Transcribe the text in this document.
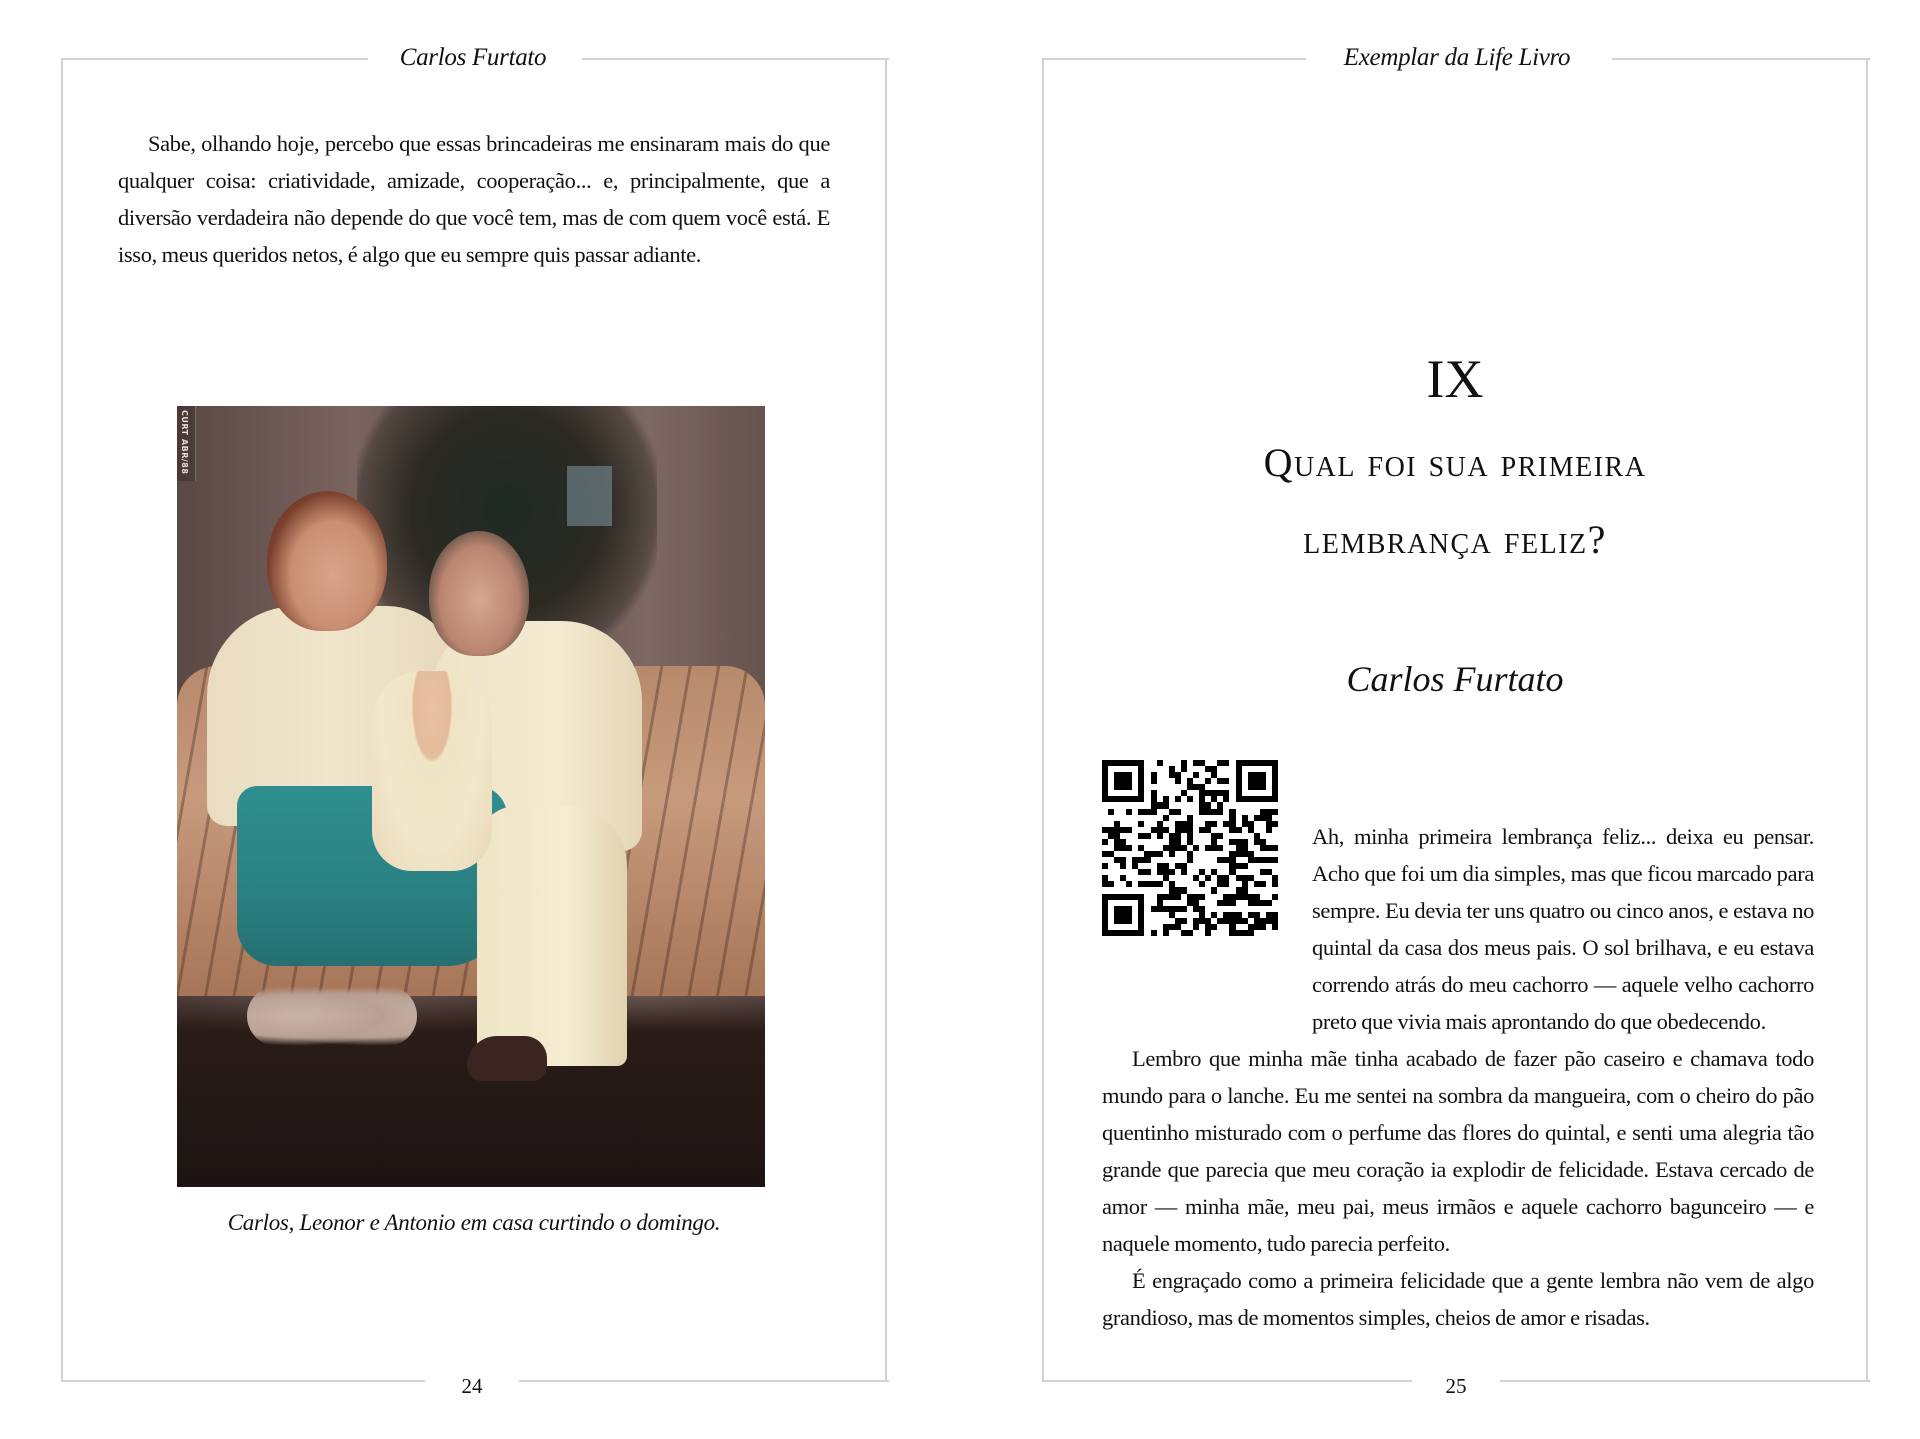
Carlos Furtato

Sabe, olhando hoje, percebo que essas brincadeiras me ensinaram mais do que qualquer coisa: criatividade, amizade, cooperação... e, principalmente, que a diversão verdadeira não depende do que você tem, mas de com quem você está. E isso, meus queridos netos, é algo que eu sempre quis passar adiante.

CURT ABR/88
Carlos, Leonor e Antonio em casa curtindo o domingo.
24
Exemplar da Life Livro
IX
Qual foi sua primeira
lembrança feliz?
Carlos Furtato

Ah, minha primeira lembrança feliz... deixa eu pensar. Acho que foi um dia simples, mas que ficou marcado para sempre. Eu devia ter uns quatro ou cinco anos, e estava no quintal da casa dos meus pais. O sol brilhava, e eu estava correndo atrás do meu cachorro — aquele velho cachorro preto que vivia mais aprontando do que obedecendo.

Lembro que minha mãe tinha acabado de fazer pão caseiro e chamava todo mundo para o lanche. Eu me sentei na sombra da mangueira, com o cheiro do pão quentinho misturado com o perfume das flores do quintal, e senti uma alegria tão grande que parecia que meu coração ia explodir de felicidade. Estava cercado de amor — minha mãe, meu pai, meus irmãos e aquele cachorro bagunceiro — e naquele momento, tudo parecia perfeito.

É engraçado como a primeira felicidade que a gente lembra não vem de algo grandioso, mas de momentos simples, cheios de amor e risadas.

25
